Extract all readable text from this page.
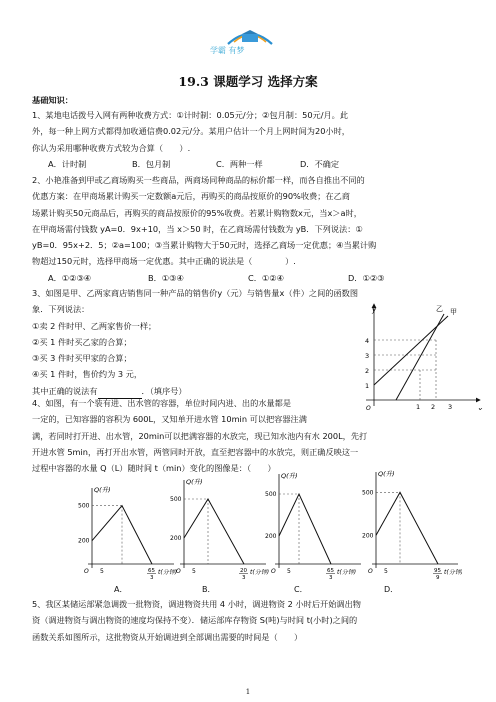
学霸 有梦
19.3 课题学习 选择方案
基础知识：
1、某地电话拨号入网有两种收费方式：①计时制：0.05元/分；②包月制：50元/月。此
外，每一种上网方式都得加收通信费0.02元/分。某用户估计一个月上网时间为20小时，
你认为采用哪种收费方式较为合算（　　）.
A．计时制	B．包月制	C．两种一样	D．不确定
2、小艳准备到甲或乙商场购买一些商品，两商场同种商品的标价都一样，而各自推出不同的
优惠方案：在甲商场累计购买一定数额a元后，再购买的商品按原价的90%收费；在乙商
场累计购买50元商品后，再购买的商品按原价的95%收费。若累计购物数x元，当x＞a时，
在甲商场需付钱数 yA=0．9x+10，当 x＞50 时，在乙商场需付钱数为 yB．下列说法：①
yB=0．95x+2．5；②a=100；③当累计购物大于50元时，选择乙商场一定优惠；④当累计购
物超过150元时，选择甲商场一定优惠。其中正确的说法是（　　　　）.
A．①②③④	B．①③④	C．①②④	D．①②③
3、如图是甲、乙两家商店销售同一种产品的销售价y（元）与销售量x（件）之间的函数图
象．下列说法：
①卖 2 件时甲、乙两家售价一样；
②买 1 件时买乙家的合算；
③买 3 件时买甲家的合算；
④买 1 件时，售价约为 3 元，
其中正确的说法有	．（填序号）
y
x
O
甲
乙
4
3
2
1
1 2 3
4、如图，有一个装有进、出水管的容器，单位时间内进、出的水量都是
一定的，已知容器的容积为 600L，又知单开进水管 10min 可以把容器注满
满，若同时打开进、出水管，20min可以把满容器的水放完，现已知水池内有水 200L，先打
开进水管 5min，再打开出水管，两管同时开放，直至把容器中的水放完，则正确反映这一
过程中容器的水量 Q（L）随时间 t（min）变化的图像是：（　　）
Q(升)
O
500
200
5	65
3
t(分钟)
Q(升)
O
500
200
5	20
3
t(分钟)
Q(升)
O
500
200
5	65
3
t(分钟)
Q(升)
O
500
200
5	95
9
t(分钟)
A．	B．	C．	D．
5、我区某储运部紧急调拨一批物资，调进物资共用 4 小时，调进物资 2 小时后开始调出物
资（调进物资与调出物资的速度均保持不变）．储运部库存物资 S(吨)与时间 t(小时)之间的
函数关系如图所示，这批物资从开始调进到全部调出需要的时间是（　　）
1
